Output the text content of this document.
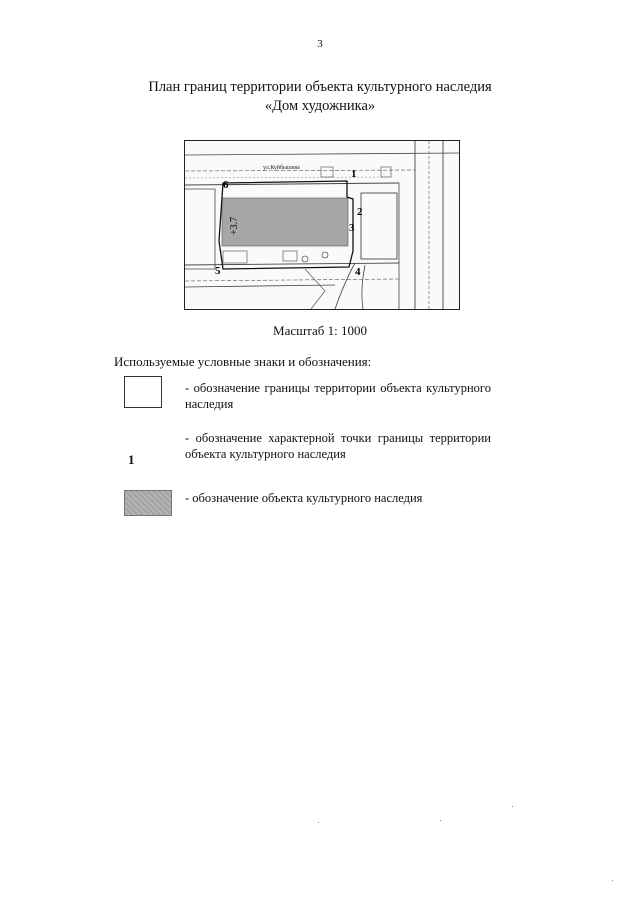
3
План границ территории объекта культурного наследия
«Дом художника»
1
2
3
4
5
6
ул.Куйбышева
+3.7
Масштаб 1: 1000
Используемые условные знаки и обозначения:
- обозначение границы территории объекта культурного наследия
1
- обозначение характерной точки границы территории объекта культурного наследия
- обозначение объекта культурного наследия
